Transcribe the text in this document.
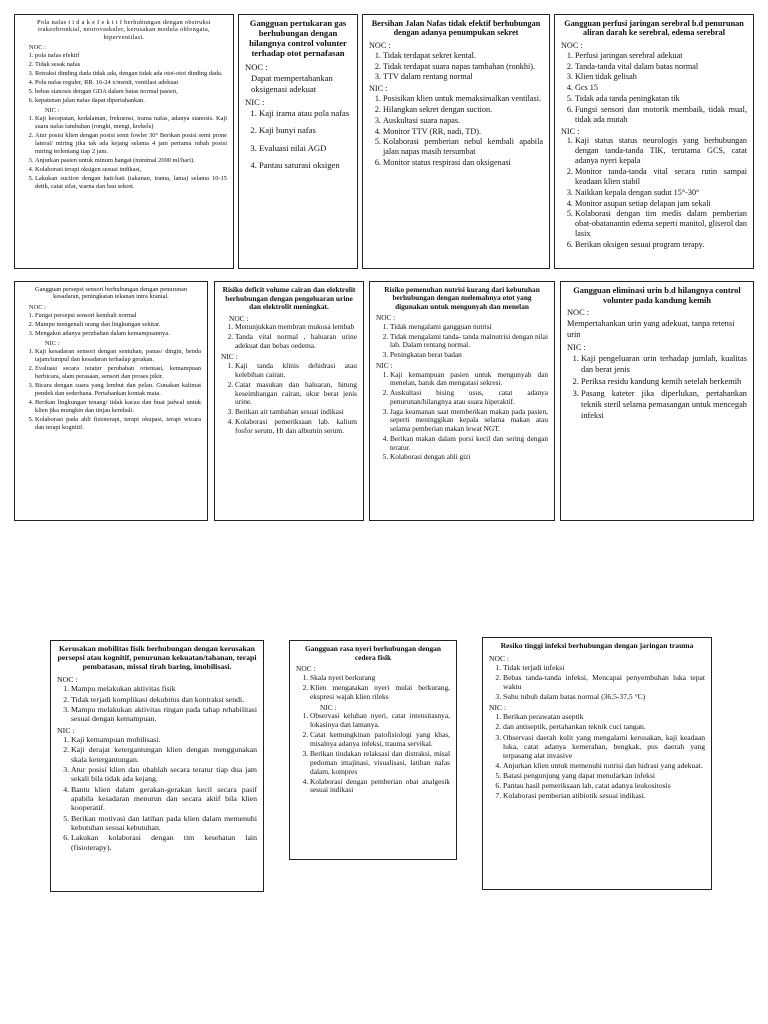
Pola nafas t i d a k e f e k t i f berhubungan dengan obstruksi trakeobronkial, neurovaskuler, kerusakan medula oblongata, hiperventilasi.
NOC :
1. pola nafas efektif
2. Tidak sesak nafas
3. Retraksi dinding dada tidak ada, dengan tidak ada otot-otot dinding dada.
4. Pola nafas reguler, RR. 16-24 x/menit, ventilasi adekuat
5. bebas sianosis dengan GDA dalam batas normal pasien,
6. kepatenan jalan nafas dapat dipertahankan.
NIC :
1. Kaji kecepatan, kedalaman, frekuensi, irama nafas, adanya sianosis. Kaji suara nafas tambahan (rongki, mengi, krekels)
2. Atur posisi klien dengan posisi semi fowler 30° Berikan posisi semi prone lateral/ miring jika tak ada kejang selama 4 jam pertama rubah posisi miring terlentang tiap 2 jam.
3. Anjurkan pasien untuk minum hangat (minimal 2000 ml/hari).
4. Kolaborasi terapi oksigen sesuai indikasi,
5. Lakukan suction dengan hati-hati (takanan, irama, lama) selama 10-15 detik, catat sifat, warna dan bau sekret.
Gangguan pertukaran gas berhubungan dengan hilangnya control volunter terhadap otot pernafasan
NOC :
Dapat mempertahankan oksigenasi adekuat
NIC :
1. Kaji irama atau pola nafas
2. Kaji bunyi nafas
3. Evaluasi nilai AGD
4. Pantau saturasi oksigen
Bersihan Jalan Nafas tidak efektif berhubungan dengan adanya penumpukan sekret
NOC :
1. Tidak terdapat sekret kental.
2. Tidak terdapat suara napas tambahan (ronkhi).
3. TTV dalam rentang normal
NIC :
1. Posisikan klien untuk memaksimalkan ventilasi.
2. Hilangkan sekret dengan suction.
3. Auskultasi suara napas.
4. Monitor TTV (RR, nadi, TD).
5. Kolaborasi pemberian nebul kembali apabila jalan napas masih tersumbat
6. Monitor status respirasi dan oksigenasi
Gangguan perfusi jaringan serebral b.d penurunan aliran darah ke serebral, edema serebral
NOC :
1. Perfusi jaringan serebral adekuat
2. Tanda-tanda vital dalam batas normal
3. Klien tidak gelisah
4. Gcs 15
5. Tidak ada tanda peningkatan tik
6. Fungsi sensori dan motorik membaik, tidak mual, tidak ada mutah
NIC :
1. Kaji status status neurologis yang berhubungan dengan tanda-tanda TIK, terutama GCS, catat adanya nyeri kepala
2. Monitor tanda-tanda vital secara rutin sampai keadaan klien stabil
3. Naikkan kepala dengan sudut 15°-30°
4. Monitor asupan setiap delapan jam sekali
5. Kolaborasi dengan tim medis dalam pemberian obat-obatanantin edema seperti manitol, gliserol dan lasix
6. Berikan oksigen sesuai program terapy.
Gangguan persepsi sensori berhubungan dengan penurunan kesadaran, peningkatan tekanan intra kranial.
NOC :
1. Fungsi persepsi sensori kembali normal
2. Mampu mengenali orang dan lingkungan sekitar.
3. Mengakui adanya perubahan dalam kemampuannya.
NIC :
1. Kaji kesadaran sensori dengan sentuhan, panas/ dingin, benda tajam/tumpul dan kesadaran terhadap gerakan.
2. Evaluasi secara teratur perubahan orientasi, kemampuan berbicara, alam perasaan, sensori dan proses pikir.
3. Bicara dengan suara yang lembut dan pelan. Gunakan kalimat pendek dan sederhana. Pertahankan kontak mata.
4. Berikan lingkungan tenang/ tidak kacau dan buat jadwal untuk klien jika mungkin dan tinjau kembali.
5. Kolaborasi pada ahli fisioterapi, terapi okupasi, terapi wicara dan terapi kognitif.
Risiko deficit volume cairan dan elektrolit berhubungan dengan pengeluaran urine dan elektrolit meningkat.
NOC :
1. Menunjukkan membran mukosa lembab
2. Tanda vital normal , haluaran urine adekuat dan bebas oedema.
NIC :
1. Kaji tanda klinis dehidrasi atau kelebihan cairan.
2. Catat masukan dan haluaran, hitung keseimbangan cairan, ukur berat jenis urine.
3. Berikan air tambahan sesuai indikasi
4. Kolaborasi pemeriksaan lab. kalium fosfor serum, Ht dan albumin serum.
Risiko pemenuhan nutrisi kurang dari kebutuhan berhubungan dengan melemahnya otot yang digunakan untuk mengunyah dan menelan
NOC :
1. Tidak mengalami gangguan nutrisi
2. Tidak mengalami tanda- tanda malnutrisi dengan nilai lab. Dalam rentang normal.
3. Peningkatan berat badan
NIC :
1. Kaji kemampuan pasien untuk mengunyah dan menelan, batuk dan mengatasi sekresi.
2. Auskultasi bising usus, catat adanya penurunan/hilangnya atau suara hiperaktif.
3. Jaga keamanan saat memberikan makan pada pasien, seperti meninggikan kepala selama makan atau selama pemberian makan lewat NGT.
4. Berikan makan dalam porsi kecil dan sering dengan teratur.
5. Kolaborasi dengan ahli gizi
Gangguan eliminasi urin b.d hilangnya control volunter pada kandung kemih
NOC :
Mempertahankan urin yang adekuat, tanpa retensi urin
NIC :
1. Kaji pengeluaran urin terhadap jumlah, kualitas dan berat jenis
2. Periksa residu kandung kemih setelah berkemih
3. Pasang kateter jika diperlukan, pertahankan teknik steril selama pemasangan untuk mencegah infeksi
Kerusakan mobilitas fisik berhubungan dengan kerusakan persepsi atau kognitif, penurunan kekuatan/tahanan, terapi pembatasan, missal tirah baring, imobilisasi.
NOC :
1. Mampu melakukan aktivitas fisik
2. Tidak terjadi komplikasi dekubitus dan kontraksi sendi.
3. Mampu melakukan aktivitas ringan pada tahap rehabilitasi sesuai dengan kemampuan.
NIC :
1. Kaji kemampuan mobilisasi.
2. Kaji derajat ketergantungan klien dengan menggunakan skala ketergantungan.
3. Atur posisi klien dan ubahlah secara teratur tiap dua jam sekali bila tidak ada kejang.
4. Bantu klien dalam gerakan-gerakan kecil secara pasif apabila kesadaran menurun dan secara aktif bila klien kooperatif.
5. Berikan motivasi dan latihan pada klien dalam memenuhi kebutuhan sesuai kebutuhan.
6. Lakukan kolaborasi dengan tim kesehatan lain (fisioterapy).
Gangguan rasa nyeri berhubungan dengan cedera fisik
NOC :
1. Skala nyeri berkurang
2. Klien mengatakan nyeri mulai berkurang, ekspresi wajah klien rileks
NIC :
1. Observasi keluhan nyeri, catat intensitasnya, lokasinya dan lamanya.
2. Catat kemungkinan patofisiologi yang khas, misalnya adanya infeksi, trauma servikal.
3. Berikan tindakan relaksasi dan distraksi, misal pedoman imajinasi, visualisasi, latihan nafas dalam, kompres
4. Kolaborasi dengan pemberian obat analgesik sesuai indikasi
Resiko tinggi infeksi berhubungan dengan jaringan trauma
NOC :
1. Tidak terjadi infeksi
2. Bebas tanda-tanda infeksi, Mencapai penyembuhan luka tepat waktu
3. Suhu tubuh dalam batas normal (36,5-37,5 °C)
NIC :
1. Berikan perawatan aseptik
2. dan antiseptik, pertahankan teknik cuci tangan.
3. Observasi daerah kulit yang mengalami kerusakan, kaji keadaan luka, catat adanya kemerahan, bengkak, pus daerah yang terpasang alat invasive
4. Anjurkan klien untuk memenuhi nutrisi dan hidrasi yang adekuat.
5. Batasi pengunjung yang dapat menularkan infeksi
6. Pantau hasil pemeriksaan lab, catat adanya leukositosis
7. Kolaborasi pemberian atibiotik sesuai indikasi.
